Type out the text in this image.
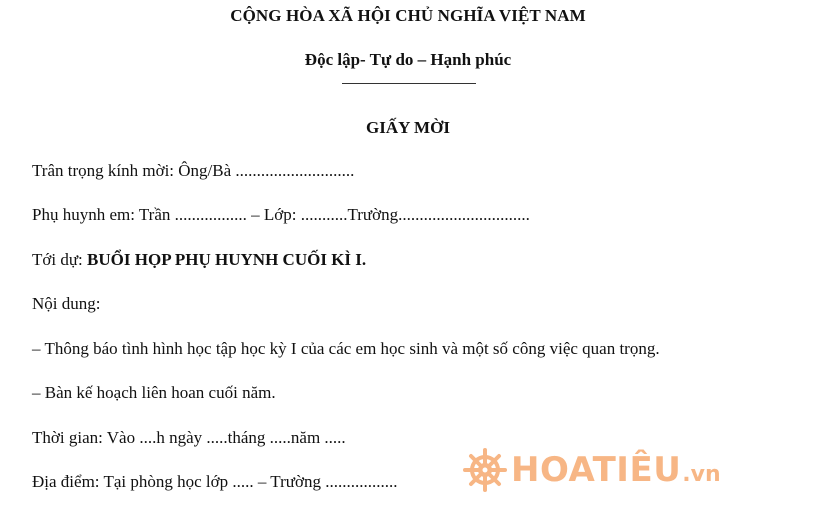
CỘNG HÒA XÃ HỘI CHỦ NGHĨA VIỆT NAM
Độc lập- Tự do – Hạnh phúc
GIẤY MỜI
Trân trọng kính mời: Ông/Bà ............................
Phụ huynh em: Trần ................. – Lớp: ...........Trường...............................
Tới dự: BUỔI HỌP PHỤ HUYNH CUỐI KÌ I.
Nội dung:
– Thông báo tình hình học tập học kỳ I của các em học sinh và một số công việc quan trọng.
– Bàn kế hoạch liên hoan cuối năm.
Thời gian: Vào ....h ngày .....tháng .....năm .....
Địa điểm: Tại phòng học lớp ..... – Trường .................	HOATIÊU .vn
